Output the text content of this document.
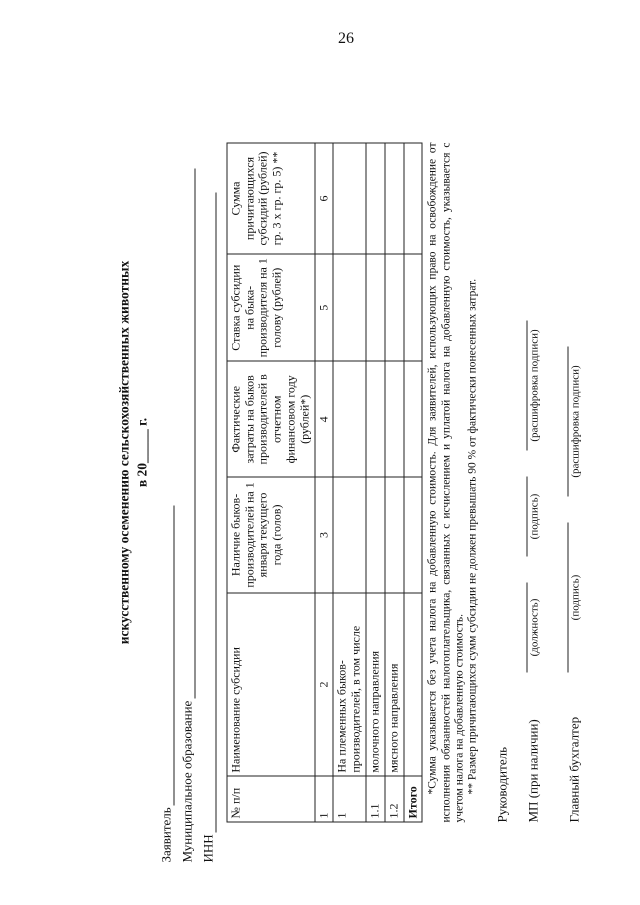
26
искусственному осеменению сельскохозяйственных животных в 20_____ г.
Заявитель Муниципальное образование ИНН
№ п/п	Наименование субсидии	Наличие быков-производителей на 1 января текущего года (голов)	Фактические затраты на быков производителей в отчетном финансовом году (рублей*)	Ставка субсидии на быка-производителя на 1 голову (рублей)	Сумма причитающихся субсидий (рублей) гр. 3 х гр. гр. 5) **
1	2	3	4	5	6
1	На племенных быков-производителей, в том числе				
1.1	молочного направления				
1.2	мясного направления				
Итого					

*Сумма указывается без учета налога на добавленную стоимость. Для заявителей, использующих право на освобождение от исполнения обязанностей налогоплательщика, связанных с исчислением и уплатой налога на добавленную стоимость, указывается с учетом налога на добавленную стоимость. ** Размер причитающихся сумм субсидии не должен превышать 90 % от фактически понесенных затрат. Руководитель МП (при наличии)
(должность)
(подпись)
(расшифровка подписи)
Главный бухгалтер
(подпись)
(расшифровка подписи)
